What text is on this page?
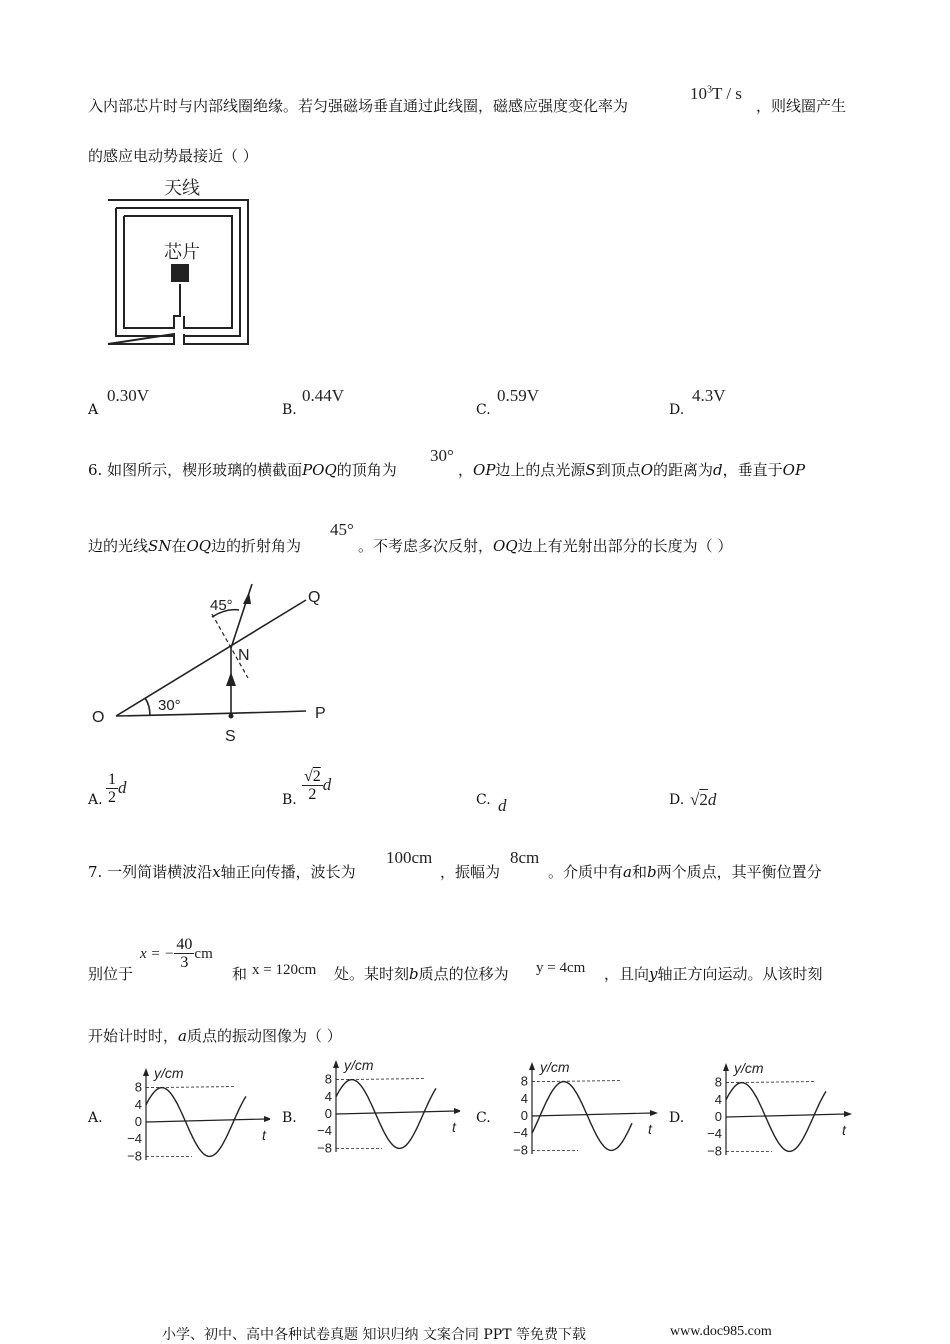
入内部芯片时与内部线圈绝缘。若匀强磁场垂直通过此线圈，磁感应强度变化率为
$10^3T$ / s
，则线圈产生
的感应电动势最接近（ ）
天线
芯片
A
0.30V
B.
0.44V
C.
0.59V
D.
4.3V
6. 如图所示，楔形玻璃的横截面POQ的顶角为
30°
，OP边上的点光源S到顶点O的距离为d，垂直于OP
边的光线SN在OQ边的折射角为
45°
。不考虑多次反射，OQ边上有光射出部分的长度为（ ）
Q
N
O	P
S
45°
30°
A. $\frac{1}{2}$ d
B. $\frac{√2}{2}$ d
C. d	D. √2d
7. 一列简谐横波沿x轴正向传播，波长为
100cm
，振幅为
8cm
。介质中有a和b两个质点，其平衡位置分
别位于
x = − $\frac{40}{3}$ cm
和 x = 120cm 处。某时刻b质点的位移为 y = 4cm ，且向y轴正方向运动。从该时刻
开始计时时，a质点的振动图像为（ ）
A.	B.	C.	D.
8
4
0
−4
−8
y/cm
t
8
4
0
−4
−8
y/cm
t
8
4
0
−4
−8
y/cm
t
8
4
0
−4
−8
y/cm
t
小学、初中、高中各种试卷真题 知识归纳 文案合同 PPT 等免费下载	www.doc985.com
